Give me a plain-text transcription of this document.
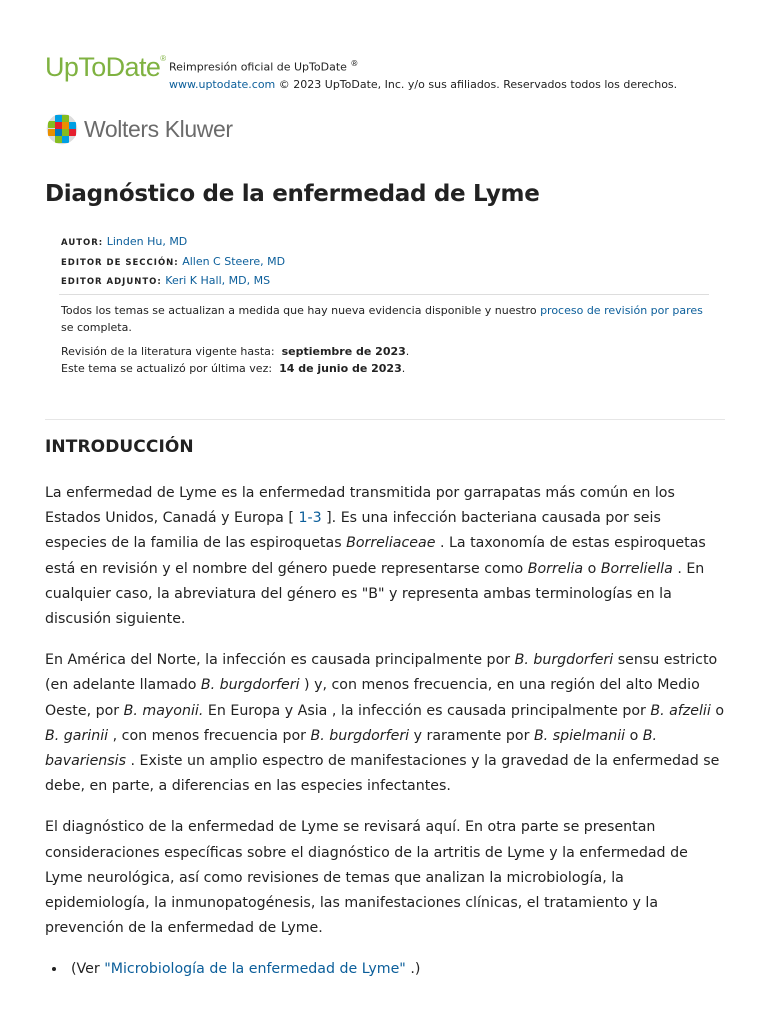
UpToDate®
Reimpresión oficial de UpToDate ®
www.uptodate.com © 2023 UpToDate, Inc. y/o sus afiliados. Reservados todos los derechos.
Wolters Kluwer
Diagnóstico de la enfermedad de Lyme
AUTOR: Linden Hu, MD
EDITOR DE SECCIÓN: Allen C Steere, MD
EDITOR ADJUNTO: Keri K Hall, MD, MS

Todos los temas se actualizan a medida que hay nueva evidencia disponible y nuestro proceso de revisión por pares se completa.

Revisión de la literatura vigente hasta: septiembre de 2023.

Este tema se actualizó por última vez: 14 de junio de 2023.

INTRODUCCIÓN

La enfermedad de Lyme es la enfermedad transmitida por garrapatas más común en los Estados Unidos, Canadá y Europa [ 1-3 ]. Es una infección bacteriana causada por seis especies de la familia de las espiroquetas Borreliaceae . La taxonomía de estas espiroquetas está en revisión y el nombre del género puede representarse como Borrelia o Borreliella . En cualquier caso, la abreviatura del género es "B" y representa ambas terminologías en la discusión siguiente.

En América del Norte, la infección es causada principalmente por B. burgdorferi sensu estricto (en adelante llamado B. burgdorferi ) y, con menos frecuencia, en una región del alto Medio Oeste, por B. mayonii. En Europa y Asia , la infección es causada principalmente por B. afzelii o B. garinii , con menos frecuencia por B. burgdorferi y raramente por B. spielmanii o B. bavariensis . Existe un amplio espectro de manifestaciones y la gravedad de la enfermedad se debe, en parte, a diferencias en las especies infectantes.

El diagnóstico de la enfermedad de Lyme se revisará aquí. En otra parte se presentan consideraciones específicas sobre el diagnóstico de la artritis de Lyme y la enfermedad de Lyme neurológica, así como revisiones de temas que analizan la microbiología, la epidemiología, la inmunopatogénesis, las manifestaciones clínicas, el tratamiento y la prevención de la enfermedad de Lyme.

• (Ver "Microbiología de la enfermedad de Lyme" .)
